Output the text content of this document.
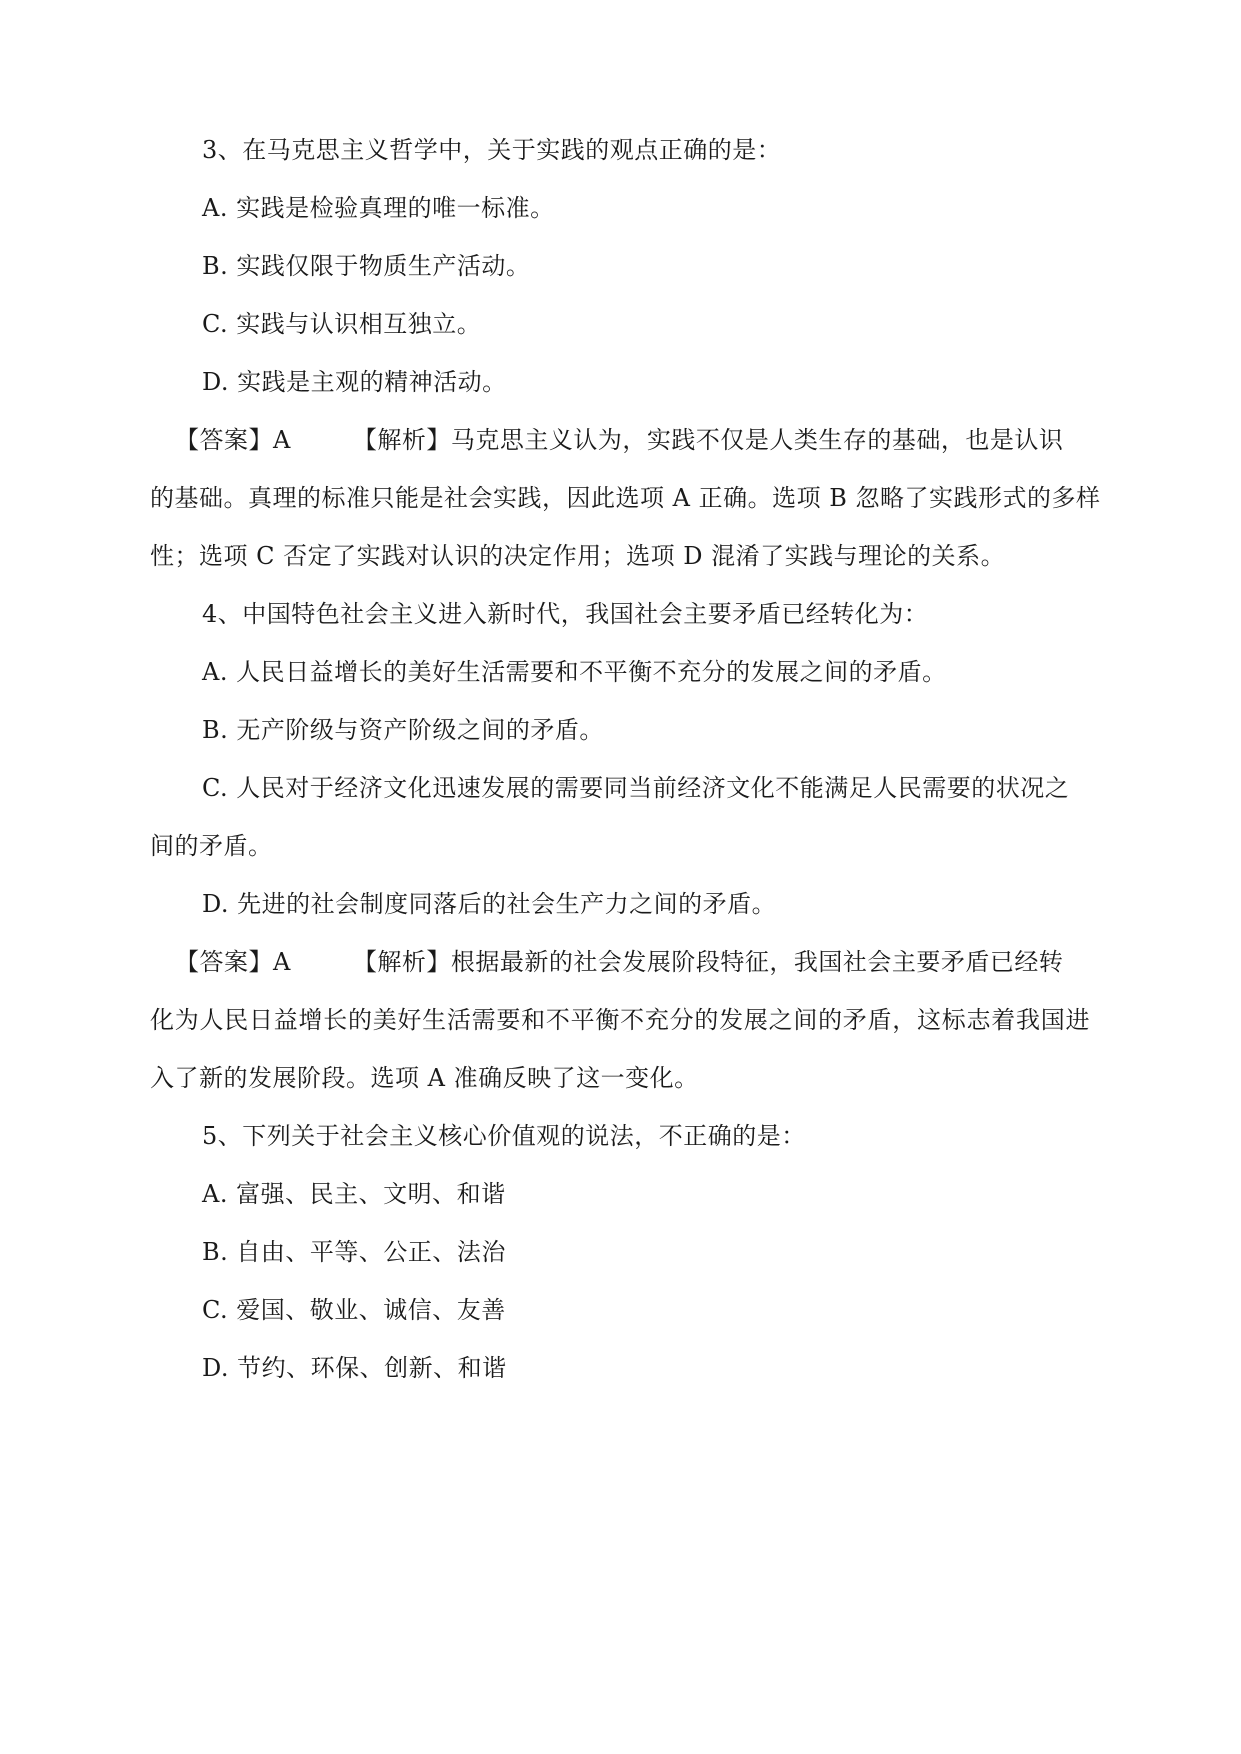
3、在马克思主义哲学中，关于实践的观点正确的是：
A. 实践是检验真理的唯一标准。
B. 实践仅限于物质生产活动。
C. 实践与认识相互独立。
D. 实践是主观的精神活动。
【答案】A	【解析】马克思主义认为，实践不仅是人类生存的基础，也是认识
的基础。真理的标准只能是社会实践，因此选项 A 正确。选项 B 忽略了实践形式的多样
性；选项 C 否定了实践对认识的决定作用；选项 D 混淆了实践与理论的关系。
4、中国特色社会主义进入新时代，我国社会主要矛盾已经转化为：
A. 人民日益增长的美好生活需要和不平衡不充分的发展之间的矛盾。
B. 无产阶级与资产阶级之间的矛盾。
C. 人民对于经济文化迅速发展的需要同当前经济文化不能满足人民需要的状况之
间的矛盾。
D. 先进的社会制度同落后的社会生产力之间的矛盾。
【答案】A	【解析】根据最新的社会发展阶段特征，我国社会主要矛盾已经转
化为人民日益增长的美好生活需要和不平衡不充分的发展之间的矛盾，这标志着我国进
入了新的发展阶段。选项 A 准确反映了这一变化。
5、下列关于社会主义核心价值观的说法，不正确的是：
A. 富强、民主、文明、和谐
B. 自由、平等、公正、法治
C. 爱国、敬业、诚信、友善
D. 节约、环保、创新、和谐
